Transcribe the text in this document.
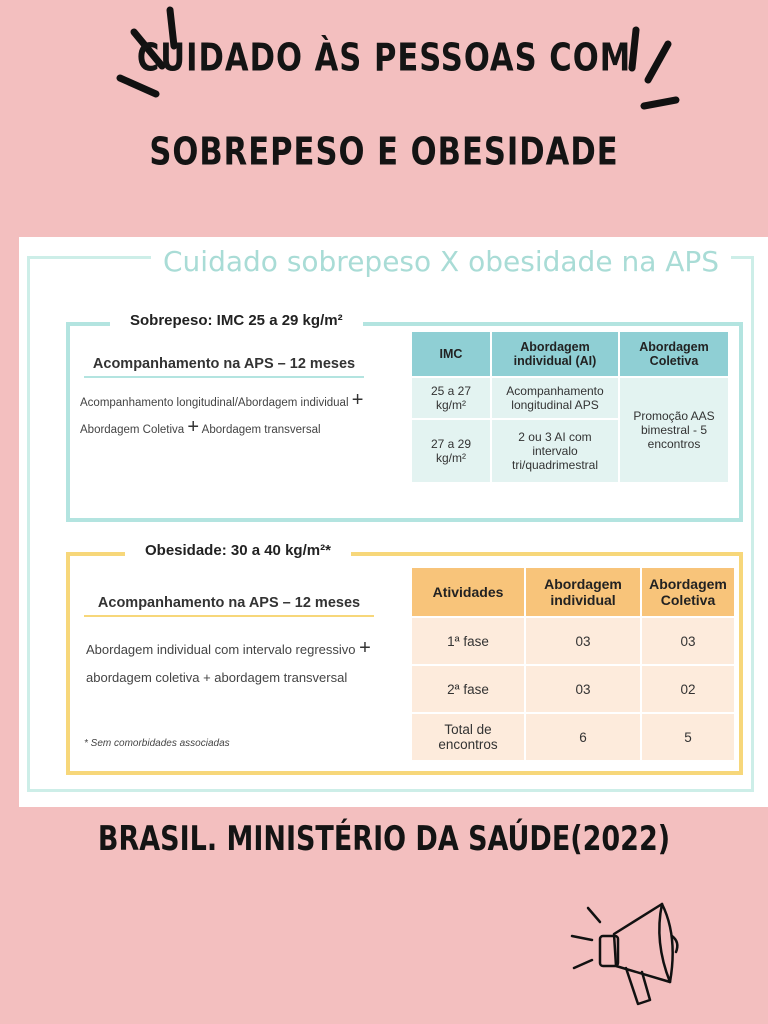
CUIDADO ÀS PESSOAS COM
SOBREPESO E OBESIDADE
Cuidado sobrepeso X obesidade na APS
Sobrepeso: IMC 25 a 29 kg/m²
Acompanhamento na APS – 12 meses
Acompanhamento longitudinal/Abordagem individual +
Abordagem Coletiva + Abordagem transversal
IMC	Abordagem individual (AI)	Abordagem Coletiva
25 a 27 kg/m²	Acompanhamento longitudinal APS	Promoção AAS bimestral - 5 encontros
27 a 29 kg/m²	2 ou 3 AI com intervalo tri/quadrimestral	
Obesidade: 30 a 40 kg/m²*
Acompanhamento na APS – 12 meses
Abordagem individual com intervalo regressivo +
abordagem coletiva + abordagem transversal
* Sem comorbidades associadas
Atividades	Abordagem individual	Abordagem Coletiva
1ª fase	03	03
2ª fase	03	02
Total de encontros	6	5
BRASIL. MINISTÉRIO DA SAÚDE(2022)
